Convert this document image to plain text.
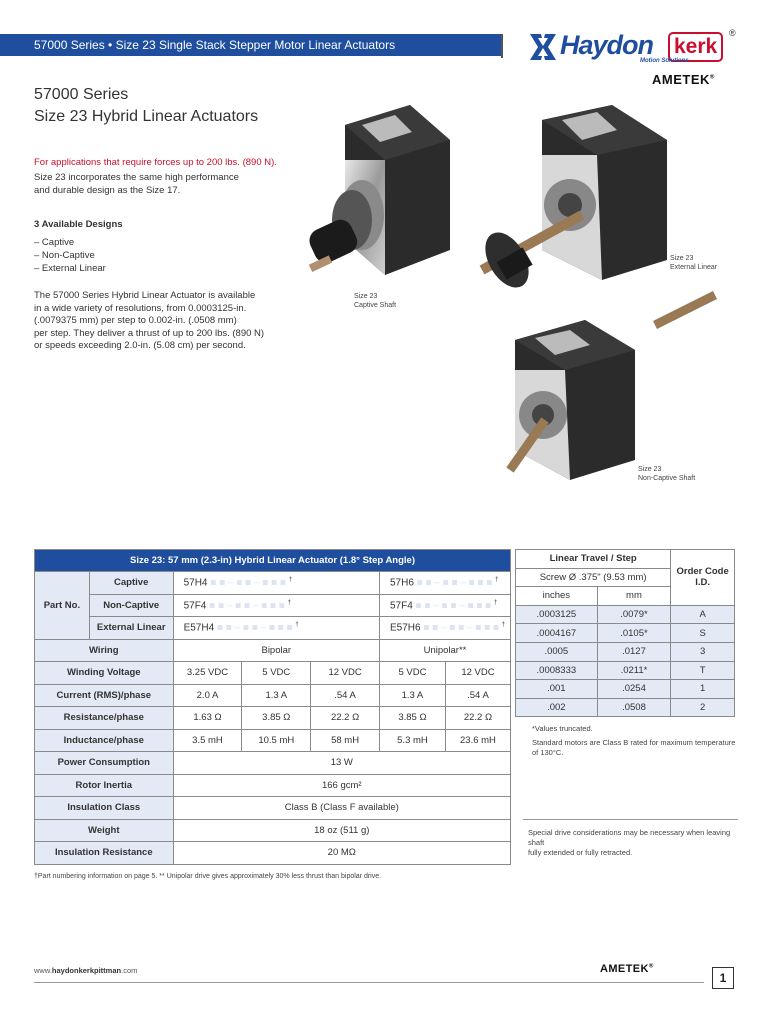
57000 Series • Size 23 Single Stack Stepper Motor Linear Actuators	Haydon kerk
®
Motion Solutions
AMETEK®
57000 Series
Size 23 Hybrid Linear Actuators
For applications that require forces up to 200 lbs. (890 N).
Size 23 incorporates the same high performance
and durable design as the Size 17.
3 Available Designs
– Captive
– Non-Captive
– External Linear
The 57000 Series Hybrid Linear Actuator is available
in a wide variety of resolutions, from 0.0003125-in.
(.0079375 mm) per step to 0.002-in. (.0508 mm)
per step. They deliver a thrust of up to 200 lbs. (890 N)
or speeds exceeding 2.0-in. (5.08 cm) per second.
Size 23
Captive Shaft
Size 23
External Linear
Size 23
Non-Captive Shaft
Size 23: 57 mm (2.3-in) Hybrid Linear Actuator (1.8° Step Angle)						
Part No.	Captive	57H4 ■ ■ – ■ ■ – ■ ■ ■ †			57H6 ■ ■ – ■ ■ – ■ ■ ■ †
	Non-Captive	57F4 ■ ■ – ■ ■ – ■ ■ ■ †			57F4 ■ ■ – ■ ■ – ■ ■ ■ †
	External Linear	E57H4 ■ ■ – ■ ■ – ■ ■ ■ †			E57H6 ■ ■ – ■ ■ – ■ ■ ■ †
Wiring		Bipolar			Unipolar**	
Winding Voltage		3.25 VDC	5 VDC	12 VDC	5 VDC	12 VDC
Current (RMS)/phase		2.0 A	1.3 A	.54 A	1.3 A	.54 A
Resistance/phase		1.63 Ω	3.85 Ω	22.2 Ω	3.85 Ω	22.2 Ω
Inductance/phase		3.5 mH	10.5 mH	58 mH	5.3 mH	23.6 mH
Power Consumption		13 W				
Rotor Inertia		166 gcm²				
Insulation Class		Class B (Class F available)				
Weight		18 oz (511 g)				
Insulation Resistance		20 MΩ				
†Part numbering information on page 5. ** Unipolar drive gives approximately 30% less thrust than bipolar drive.
Linear Travel / Step		Order Code I.D.
Screw Ø .375" (9.53 mm)		
inches	mm	
.0003125	.0079*	A
.0004167	.0105*	S
.0005	.0127	3
.0008333	.0211*	T
.001	.0254	1
.002	.0508	2
*Values truncated.
Standard motors are Class B rated for maximum temperature
of 130°C.
Special drive considerations may be necessary when leaving shaft
fully extended or fully retracted.
www.haydonkerkpittman.com	AMETEK®
1
